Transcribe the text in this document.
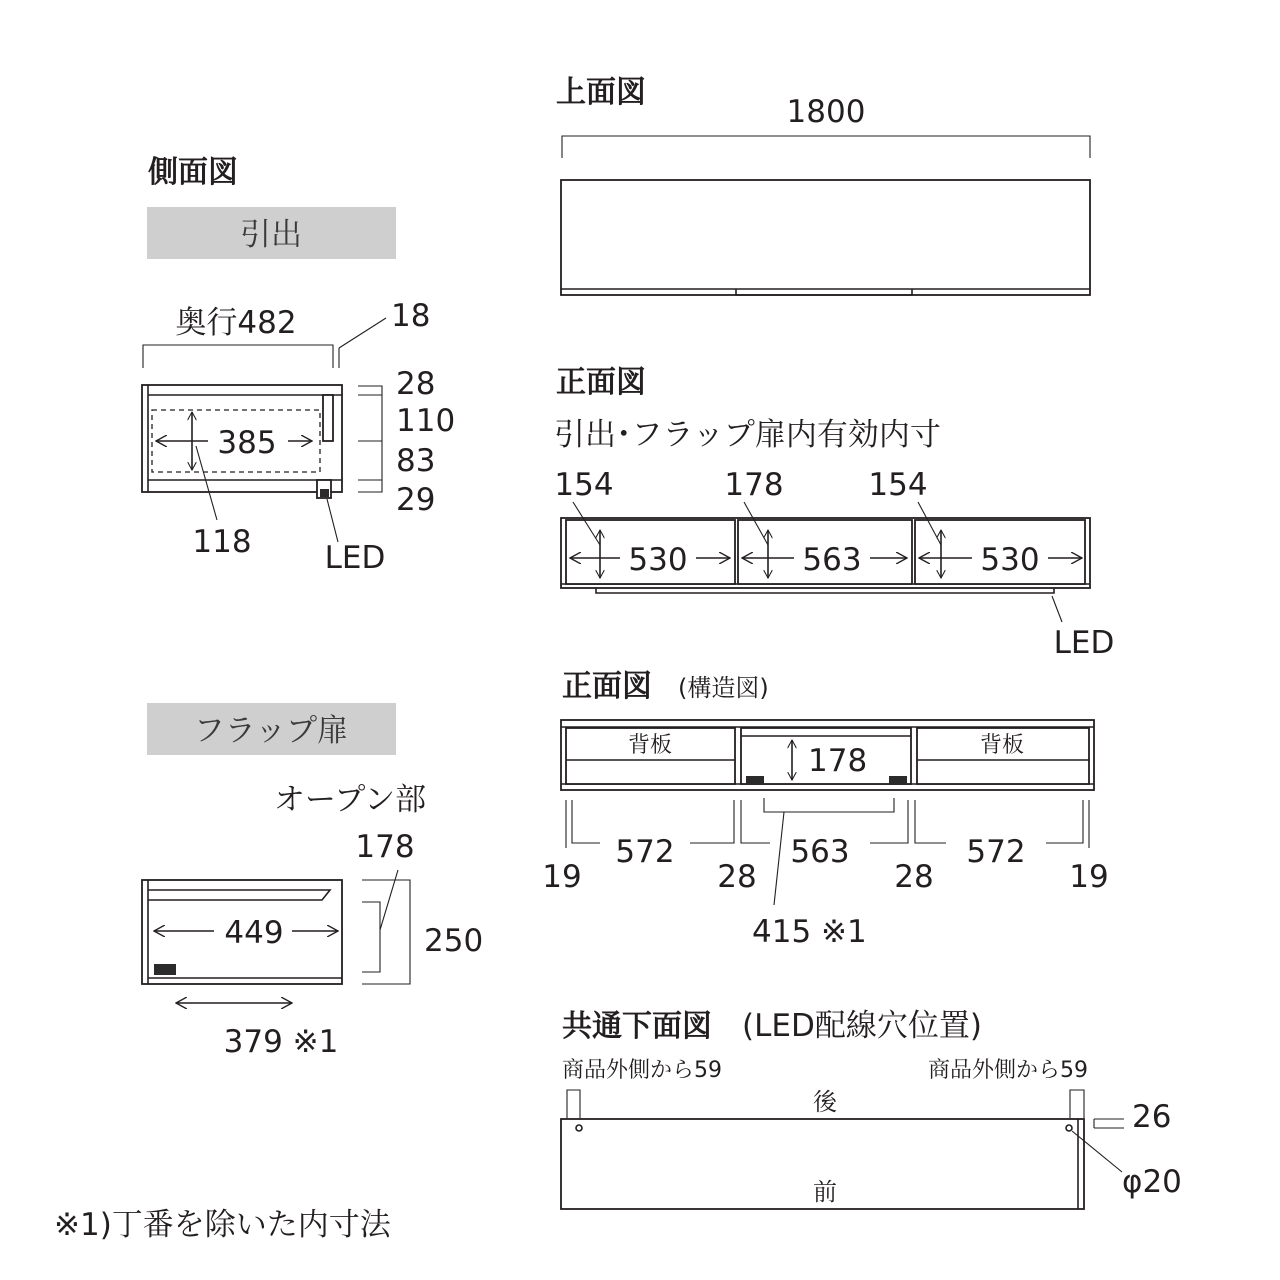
側面図
引出
奥行482	18
385
118
28
110
83
29
LED
フラップ扉
オープン部
178
449	250
379 ※1
※1)丁番を除いた内寸法
上面図
1800
正面図
引出･フラップ扉内有効内寸
154	178	154
530	563	530
LED
正面図 (構造図)
背板	背板
178
572	563	572
19	28	28	19
415 ※1
共通下面図 (LED配線穴位置)
商品外側から59	商品外側から59
後
前
26
φ20
